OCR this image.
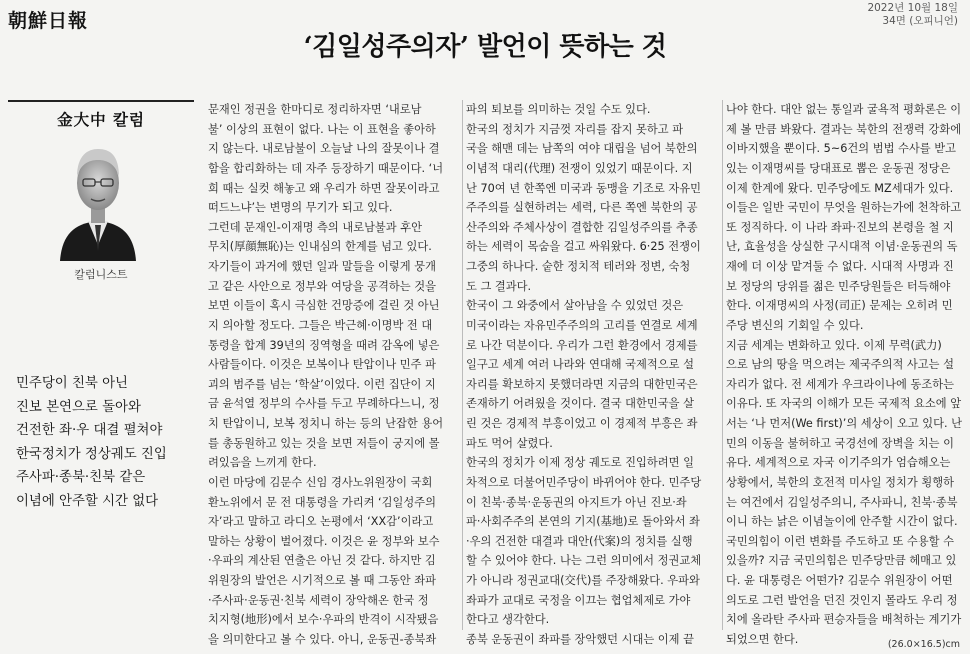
朝鮮日報
2022년 10월 18일
34면 (오피니언)
‘김일성주의자’ 발언이 뜻하는 것
金大中 칼럼
칼럼니스트
민주당이 친북 아닌
진보 본연으로 돌아와
건전한 좌·우 대결 펼쳐야
한국정치가 정상궤도 진입
주사파·종북·친북 같은
이념에 안주할 시간 없다
문재인 정권을 한마디로 정리하자면 ‘내로남
불’ 이상의 표현이 없다. 나는 이 표현을 좋아하
지 않는다. 내로남불이 오늘날 나의 잘못이나 결
함을 합리화하는 데 자주 등장하기 때문이다. ‘너
희 때는 실컷 해놓고 왜 우리가 하면 잘못이라고
떠드느냐’는 변명의 무기가 되고 있다.
그런데 문재인-이재명 측의 내로남불과 후안
무치(厚顔無恥)는 인내심의 한계를 넘고 있다.
자기들이 과거에 했던 일과 말들을 이렇게 뭉개
고 같은 사안으로 정부와 여당을 공격하는 것을
보면 이들이 혹시 극심한 건망증에 걸린 것 아닌
지 의아할 정도다. 그들은 박근혜·이명박 전 대
통령을 합계 39년의 징역형을 때려 감옥에 넣은
사람들이다. 이것은 보복이나 탄압이나 민주 파
괴의 범주를 넘는 ‘학살’이었다. 이런 집단이 지
금 윤석열 정부의 수사를 두고 무례하다느니, 정
치 탄압이니, 보복 정치니 하는 등의 난잡한 용어
를 총동원하고 있는 것을 보면 저들이 궁지에 몰
려있음을 느끼게 한다.
이런 마당에 김문수 신임 경사노위원장이 국회
환노위에서 문 전 대통령을 가리켜 ‘김일성주의
자’라고 말하고 라디오 논평에서 ‘XX감’이라고
말하는 상황이 벌어졌다. 이것은 윤 정부와 보수
·우파의 계산된 연출은 아닌 것 같다. 하지만 김
위원장의 발언은 시기적으로 볼 때 그동안 좌파
·주사파·운동권·친북 세력이 장악해온 한국 정
치지형(地形)에서 보수·우파의 반격이 시작됐음
을 의미한다고 볼 수 있다. 아니, 운동권-종북좌
파의 퇴보를 의미하는 것일 수도 있다.
한국의 정치가 지금껏 자리를 잡지 못하고 파
국을 해맨 데는 남쪽의 여야 대립을 넘어 북한의
이념적 대리(代理) 전쟁이 있었기 때문이다. 지
난 70여 년 한쪽엔 미국과 동맹을 기조로 자유민
주주의를 실현하려는 세력, 다른 쪽엔 북한의 공
산주의와 주체사상이 결합한 김일성주의를 추종
하는 세력이 목숨을 걸고 싸워왔다. 6·25 전쟁이
그중의 하나다. 숱한 정치적 테러와 정변, 숙청
도 그 결과다.
한국이 그 와중에서 살아남을 수 있었던 것은
미국이라는 자유민주주의의 고리를 연결로 세계
로 나간 덕분이다. 우리가 그런 환경에서 경제를
일구고 세계 여러 나라와 연대해 국제적으로 설
자리를 확보하지 못했더라면 지금의 대한민국은
존재하기 어려웠을 것이다. 결국 대한민국을 살
린 것은 경제적 부흥이었고 이 경제적 부흥은 좌
파도 먹어 살렸다.
한국의 정치가 이제 정상 궤도로 진입하려면 일
차적으로 더불어민주당이 바뀌어야 한다. 민주당
이 친북·종북·운동권의 아지트가 아닌 진보·좌
파·사회주주의 본연의 기지(基地)로 돌아와서 좌
·우의 건전한 대결과 대안(代案)의 정치를 실행
할 수 있어야 한다. 나는 그런 의미에서 정권교체
가 아니라 정권교대(交代)를 주장해왔다. 우파와
좌파가 교대로 국정을 이끄는 협업체제로 가야
한다고 생각한다.
종북 운동권이 좌파를 장악했던 시대는 이제 끝
나야 한다. 대안 없는 통일과 굴욕적 평화론은 이
제 볼 만큼 봐왔다. 결과는 북한의 전쟁력 강화에
이바지했을 뿐이다. 5~6건의 범법 수사를 받고
있는 이재명씨를 당대표로 뽑은 운동권 정당은
이제 한계에 왔다. 민주당에도 MZ세대가 있다.
이들은 일반 국민이 무엇을 원하는가에 천착하고
또 정직하다. 이 나라 좌파·진보의 본령을 철 지
난, 효율성을 상실한 구시대적 이념·운동권의 독
재에 더 이상 맡겨둘 수 없다. 시대적 사명과 진
보 정당의 당위를 젊은 민주당원들은 터득해야
한다. 이재명씨의 사정(司正) 문제는 오히려 민
주당 변신의 기회일 수 있다.
지금 세계는 변화하고 있다. 이제 무력(武力)
으로 남의 땅을 먹으려는 제국주의적 사고는 설
자리가 없다. 전 세계가 우크라이나에 동조하는
이유다. 또 자국의 이해가 모든 국제적 요소에 앞
서는 ‘나 먼저(We first)’의 세상이 오고 있다. 난
민의 이동을 불허하고 국경선에 장벽을 치는 이
유다. 세계적으로 자국 이기주의가 엄습해오는
상황에서, 북한의 호전적 미사일 정치가 횡행하
는 여건에서 김일성주의니, 주사파니, 친북·종북
이니 하는 낡은 이념놀이에 안주할 시간이 없다.
국민의힘이 이런 변화를 주도하고 또 수용할 수
있을까? 지금 국민의힘은 민주당만큼 헤매고 있
다. 윤 대통령은 어떤가? 김문수 위원장이 어떤
의도로 그런 발언을 던진 것인지 몰라도 우리 정
치에 올라탄 주사파 편승자들을 배척하는 계기가
되었으면 한다.	(26.0×16.5)cm
